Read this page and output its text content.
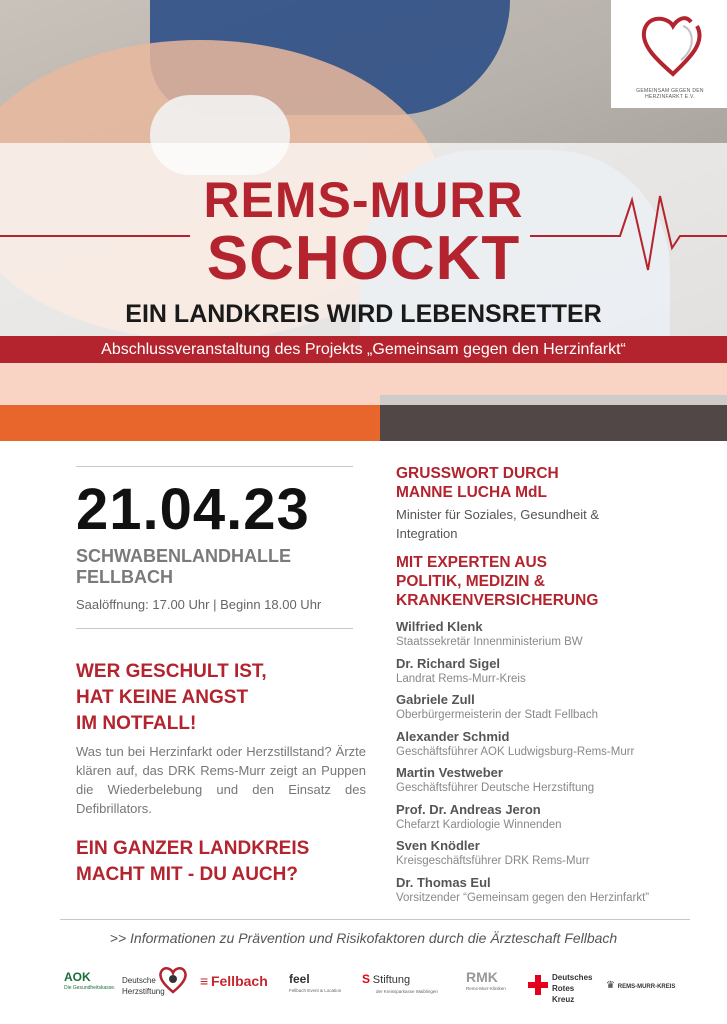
REMS-MURR
SCHOCKT
EIN LANDKREIS WIRD LEBENSRETTER
Abschlussveranstaltung des Projekts „Gemeinsam gegen den Herzinfarkt“
GEMEINSAM GEGEN DEN HERZINFARKT E.V.
21.04.23
SCHWABENLANDHALLE
FELLBACH
Saalöffnung: 17.00 Uhr | Beginn 18.00 Uhr
WER GESCHULT IST,
HAT KEINE ANGST
IM NOTFALL!
Was tun bei Herzinfarkt oder Herzstillstand? Ärzte klären auf, das DRK Rems-Murr zeigt an Puppen die Wiederbelebung und den Einsatz des Defibrillators.
EIN GANZER LANDKREIS
MACHT MIT - DU AUCH?
GRUSSWORT DURCH
MANNE LUCHA MdL
Minister für Soziales, Gesundheit &
Integration
MIT EXPERTEN AUS
POLITIK, MEDIZIN &
KRANKENVERSICHERUNG
Wilfried Klenk
Staatssekretär Innenministerium BW
Dr. Richard Sigel
Landrat Rems-Murr-Kreis
Gabriele Zull
Oberbürgermeisterin der Stadt Fellbach
Alexander Schmid
Geschäftsführer AOK Ludwigsburg-Rems-Murr
Martin Vestweber
Geschäftsführer Deutsche Herzstiftung
Prof. Dr. Andreas Jeron
Chefarzt Kardiologie Winnenden
Sven Knödler
Kreisgeschäftsführer DRK Rems-Murr
Dr. Thomas Eul
Vorsitzender “Gemeinsam gegen den Herzinfarkt”
>> Informationen zu Prävention und Risikofaktoren durch die Ärzteschaft Fellbach
AOK
Die Gesundheitskasse.
Deutsche
Herzstiftung
≡ Fellbach feel
Fellbach Event & Location
S Stiftung
der Kreissparkasse Waiblingen
RMK
Rems-Murr-Kliniken
Deutsches
Rotes
Kreuz
♛ REMS-MURR-KREIS
